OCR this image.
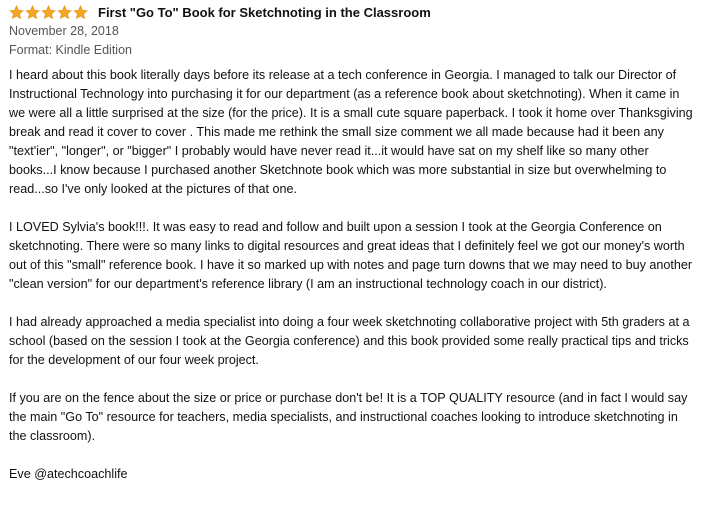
First "Go To" Book for Sketchnoting in the Classroom
November 28, 2018
Format: Kindle Edition

I heard about this book literally days before its release at a tech conference in Georgia. I managed to talk our Director of Instructional Technology into purchasing it for our department (as a reference book about sketchnoting). When it came in we were all a little surprised at the size (for the price). It is a small cute square paperback. I took it home over Thanksgiving break and read it cover to cover . This made me rethink the small size comment we all made because had it been any "text'ier", "longer", or "bigger" I probably would have never read it...it would have sat on my shelf like so many other books...I know because I purchased another Sketchnote book which was more substantial in size but overwhelming to read...so I've only looked at the pictures of that one.

I LOVED Sylvia's book!!!. It was easy to read and follow and built upon a session I took at the Georgia Conference on sketchnoting. There were so many links to digital resources and great ideas that I definitely feel we got our money's worth out of this "small" reference book. I have it so marked up with notes and page turn downs that we may need to buy another "clean version" for our department's reference library (I am an instructional technology coach in our district).

I had already approached a media specialist into doing a four week sketchnoting collaborative project with 5th graders at a school (based on the session I took at the Georgia conference) and this book provided some really practical tips and tricks for the development of our four week project.

If you are on the fence about the size or price or purchase don't be! It is a TOP QUALITY resource (and in fact I would say the main "Go To" resource for teachers, media specialists, and instructional coaches looking to introduce sketchnoting in the classroom).

Eve @atechcoachlife
